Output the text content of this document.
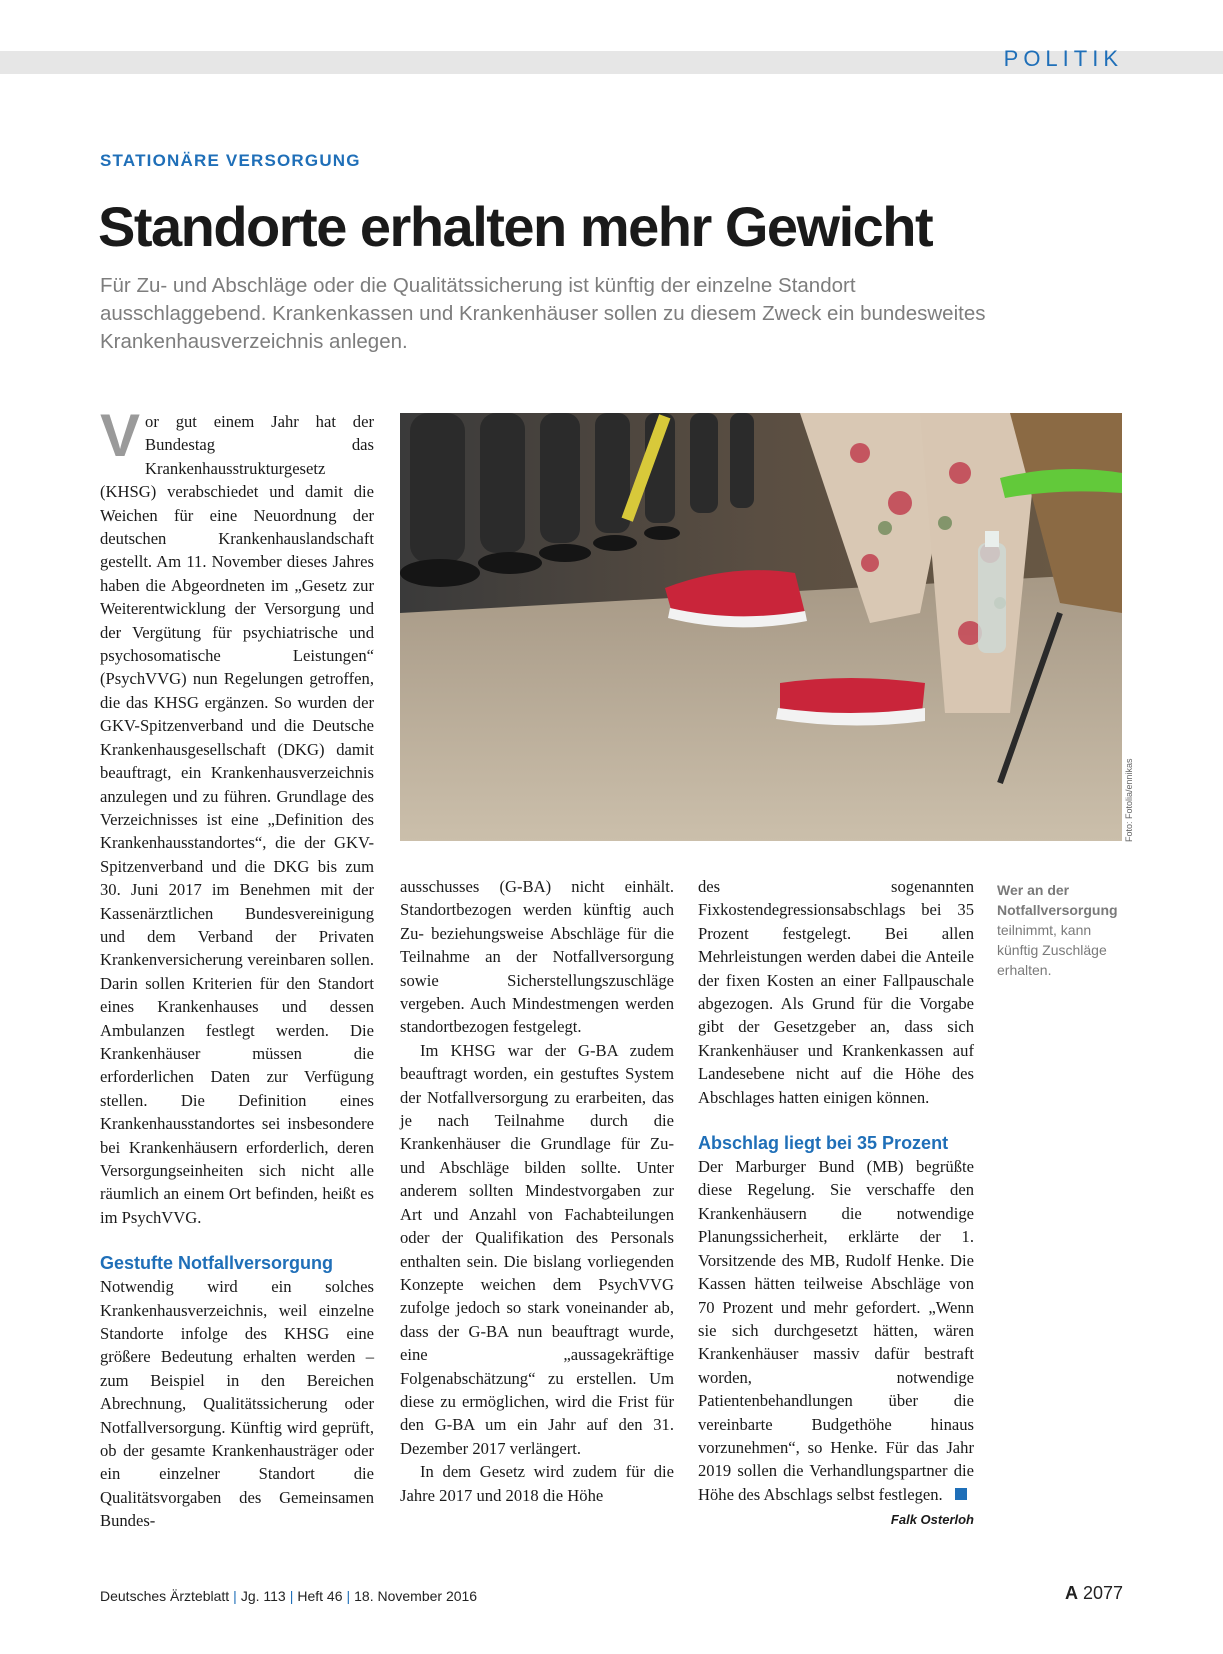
POLITIK
STATIONÄRE VERSORGUNG
Standorte erhalten mehr Gewicht
Für Zu- und Abschläge oder die Qualitätssicherung ist künftig der einzelne Standort ausschlaggebend. Krankenkassen und Krankenhäuser sollen zu diesem Zweck ein bundesweites Krankenhausverzeichnis anlegen.

Vor gut einem Jahr hat der Bundestag das Krankenhausstrukturgesetz (KHSG) verabschiedet und damit die Weichen für eine Neuordnung der deutschen Krankenhauslandschaft gestellt. Am 11. November dieses Jahres haben die Abgeordneten im „Gesetz zur Weiterentwicklung der Versorgung und der Vergütung für psychiatrische und psychosomatische Leistungen“ (PsychVVG) nun Regelungen getroffen, die das KHSG ergänzen. So wurden der GKV-Spitzenverband und die Deutsche Krankenhausgesellschaft (DKG) damit beauftragt, ein Krankenhausverzeichnis anzulegen und zu führen. Grundlage des Verzeichnisses ist eine „Definition des Krankenhausstandortes“, die der GKV-Spitzenverband und die DKG bis zum 30. Juni 2017 im Benehmen mit der Kassenärztlichen Bundesvereinigung und dem Verband der Privaten Krankenversicherung vereinbaren sollen. Darin sollen Kriterien für den Standort eines Krankenhauses und dessen Ambulanzen festlegt werden. Die Krankenhäuser müssen die erforderlichen Daten zur Verfügung stellen. Die Definition eines Krankenhausstandortes sei insbesondere bei Krankenhäusern erforderlich, deren Versorgungseinheiten sich nicht alle räumlich an einem Ort befinden, heißt es im PsychVVG.

Gestufte Notfallversorgung

Notwendig wird ein solches Krankenhausverzeichnis, weil einzelne Standorte infolge des KHSG eine größere Bedeutung erhalten werden – zum Beispiel in den Bereichen Abrechnung, Qualitätssicherung oder Notfallversorgung. Künftig wird geprüft, ob der gesamte Krankenhausträger oder ein einzelner Standort die Qualitätsvorgaben des Gemeinsamen Bundes-

Foto: Fotolia/ennikas

ausschusses (G-BA) nicht einhält. Standortbezogen werden künftig auch Zu- beziehungsweise Abschläge für die Teilnahme an der Notfallversorgung sowie Sicherstellungszuschläge vergeben. Auch Mindestmengen werden standortbezogen festgelegt.

Im KHSG war der G-BA zudem beauftragt worden, ein gestuftes System der Notfallversorgung zu erarbeiten, das je nach Teilnahme durch die Krankenhäuser die Grundlage für Zu- und Abschläge bilden sollte. Unter anderem sollten Mindestvorgaben zur Art und Anzahl von Fachabteilungen oder der Qualifikation des Personals enthalten sein. Die bislang vorliegenden Konzepte weichen dem PsychVVG zufolge jedoch so stark voneinander ab, dass der G-BA nun beauftragt wurde, eine „aussagekräftige Folgenabschätzung“ zu erstellen. Um diese zu ermöglichen, wird die Frist für den G-BA um ein Jahr auf den 31. Dezember 2017 verlängert.

In dem Gesetz wird zudem für die Jahre 2017 und 2018 die Höhe

des sogenannten Fixkostendegressionsabschlags bei 35 Prozent festgelegt. Bei allen Mehrleistungen werden dabei die Anteile der fixen Kosten an einer Fallpauschale abgezogen. Als Grund für die Vorgabe gibt der Gesetzgeber an, dass sich Krankenhäuser und Krankenkassen auf Landesebene nicht auf die Höhe des Abschlages hatten einigen können.

Abschlag liegt bei 35 Prozent

Der Marburger Bund (MB) begrüßte diese Regelung. Sie verschaffe den Krankenhäusern die notwendige Planungssicherheit, erklärte der 1. Vorsitzende des MB, Rudolf Henke. Die Kassen hätten teilweise Abschläge von 70 Prozent und mehr gefordert. „Wenn sie sich durchgesetzt hätten, wären Krankenhäuser massiv dafür bestraft worden, notwendige Patientenbehandlungen über die vereinbarte Budgethöhe hinaus vorzunehmen“, so Henke. Für das Jahr 2019 sollen die Verhandlungspartner die Höhe des Abschlags selbst festlegen.

Falk Osterloh
Wer an der Notfallversorgung teilnimmt, kann künftig Zuschläge erhalten.
Deutsches Ärzteblatt | Jg. 113 | Heft 46 | 18. November 2016	A 2077
